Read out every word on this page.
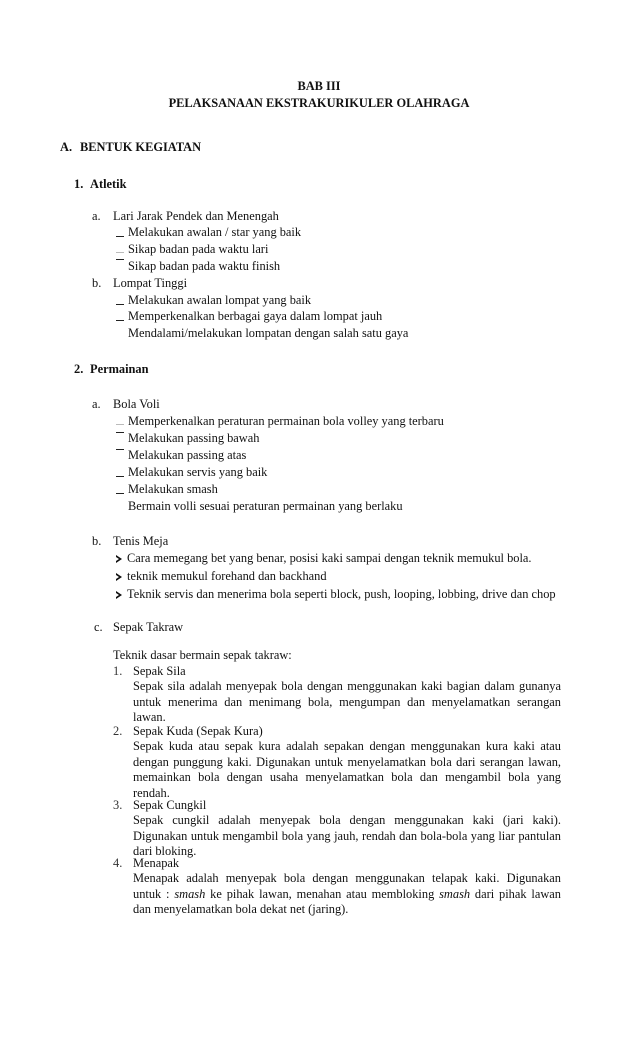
BAB III
PELAKSANAAN EKSTRAKURIKULER OLAHRAGA
A. BENTUK KEGIATAN
1. Atletik
a. Lari Jarak Pendek dan Menengah
Melakukan awalan / star yang baik
Sikap badan pada waktu lari
Sikap badan pada waktu finish
b. Lompat Tinggi
Melakukan awalan lompat yang baik
Memperkenalkan berbagai gaya dalam lompat jauh
Mendalami/melakukan lompatan dengan salah satu gaya
2. Permainan
a. Bola Voli
Memperkenalkan peraturan permainan bola volley yang terbaru
Melakukan passing bawah
Melakukan passing atas
Melakukan servis yang baik
Melakukan smash
Bermain volli sesuai peraturan permainan yang berlaku
b. Tenis Meja
Cara memegang bet yang benar, posisi kaki sampai dengan teknik memukul bola.
teknik memukul forehand dan backhand
Teknik servis dan menerima bola seperti block, push, looping, lobbing, drive dan chop
c. Sepak Takraw
Teknik dasar bermain sepak takraw:
1. Sepak Sila

Sepak sila adalah menyepak bola dengan menggunakan kaki bagian dalam gunanya

untuk menerima dan menimang bola, mengumpan dan menyelamatkan serangan

lawan.

2. Sepak Kuda (Sepak Kura)

Sepak kuda atau sepak kura adalah sepakan dengan menggunakan kura kaki atau

dengan punggung kaki. Digunakan untuk menyelamatkan bola dari serangan lawan,

memainkan bola dengan usaha menyelamatkan bola dan mengambil bola yang

rendah.

3. Sepak Cungkil

Sepak cungkil adalah menyepak bola dengan menggunakan kaki (jari kaki).

Digunakan untuk mengambil bola yang jauh, rendah dan bola-bola yang liar pantulan

dari bloking.

4. Menapak

Menapak adalah menyepak bola dengan menggunakan telapak kaki. Digunakan

untuk : smash ke pihak lawan, menahan atau membloking smash dari pihak lawan

dan menyelamatkan bola dekat net (jaring).
